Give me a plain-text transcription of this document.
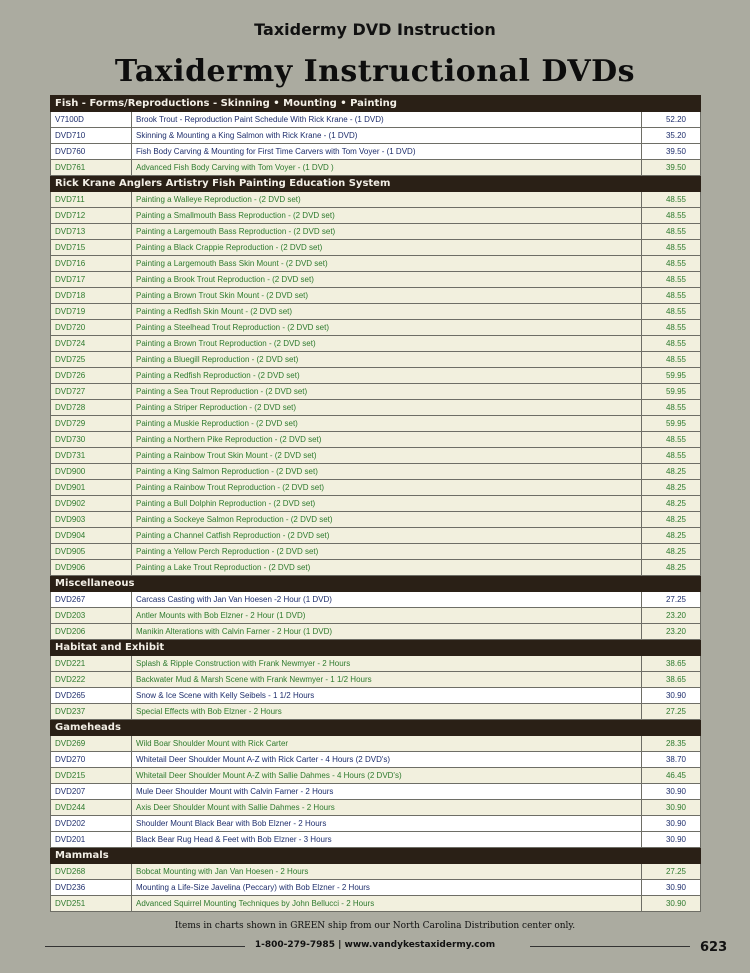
Taxidermy DVD Instruction
Taxidermy Instructional DVDs
Fish - Forms/Reproductions - Skinning • Mounting • Painting		
V7100D	Brook Trout - Reproduction Paint Schedule With Rick Krane - (1 DVD)	52.20
DVD710	Skinning & Mounting a King Salmon with Rick Krane - (1 DVD)	35.20
DVD760	Fish Body Carving & Mounting for First Time Carvers with Tom Voyer - (1 DVD)	39.50
DVD761	Advanced Fish Body Carving with Tom Voyer - (1 DVD )	39.50
Rick Krane Anglers Artistry Fish Painting Education System		
DVD711	Painting a Walleye Reproduction - (2 DVD set)	48.55
DVD712	Painting a Smallmouth Bass Reproduction - (2 DVD set)	48.55
DVD713	Painting a Largemouth Bass Reproduction - (2 DVD set)	48.55
DVD715	Painting a Black Crappie Reproduction - (2 DVD set)	48.55
DVD716	Painting a Largemouth Bass Skin Mount - (2 DVD set)	48.55
DVD717	Painting a Brook Trout Reproduction - (2 DVD set)	48.55
DVD718	Painting a Brown Trout Skin Mount - (2 DVD set)	48.55
DVD719	Painting a Redfish Skin Mount - (2 DVD set)	48.55
DVD720	Painting a Steelhead Trout Reproduction - (2 DVD set)	48.55
DVD724	Painting a Brown Trout Reproduction - (2 DVD set)	48.55
DVD725	Painting a Bluegill Reproduction - (2 DVD set)	48.55
DVD726	Painting a Redfish Reproduction - (2 DVD set)	59.95
DVD727	Painting a Sea Trout Reproduction - (2 DVD set)	59.95
DVD728	Painting a Striper Reproduction - (2 DVD set)	48.55
DVD729	Painting a Muskie Reproduction - (2 DVD set)	59.95
DVD730	Painting a Northern Pike Reproduction - (2 DVD set)	48.55
DVD731	Painting a Rainbow Trout Skin Mount - (2 DVD set)	48.55
DVD900	Painting a King Salmon Reproduction - (2 DVD set)	48.25
DVD901	Painting a Rainbow Trout Reproduction - (2 DVD set)	48.25
DVD902	Painting a Bull Dolphin Reproduction - (2 DVD set)	48.25
DVD903	Painting a Sockeye Salmon Reproduction - (2 DVD set)	48.25
DVD904	Painting a Channel Catfish Reproduction - (2 DVD set)	48.25
DVD905	Painting a Yellow Perch Reproduction - (2 DVD set)	48.25
DVD906	Painting a Lake Trout Reproduction - (2 DVD set)	48.25
Miscellaneous		
DVD267	Carcass Casting with Jan Van Hoesen -2 Hour (1 DVD)	27.25
DVD203	Antler Mounts with Bob Elzner - 2 Hour (1 DVD)	23.20
DVD206	Manikin Alterations with Calvin Farner - 2 Hour (1 DVD)	23.20
Habitat and Exhibit		
DVD221	Splash & Ripple Construction with Frank Newmyer - 2 Hours	38.65
DVD222	Backwater Mud & Marsh Scene with Frank Newmyer - 1 1/2 Hours	38.65
DVD265	Snow & Ice Scene with Kelly Seibels - 1 1/2 Hours	30.90
DVD237	Special Effects with Bob Elzner - 2 Hours	27.25
Gameheads		
DVD269	Wild Boar Shoulder Mount with Rick Carter	28.35
DVD270	Whitetail Deer Shoulder Mount A-Z with Rick Carter - 4 Hours (2 DVD's)	38.70
DVD215	Whitetail Deer Shoulder Mount A-Z with Sallie Dahmes - 4 Hours (2 DVD's)	46.45
DVD207	Mule Deer Shoulder Mount with Calvin Farner - 2 Hours	30.90
DVD244	Axis Deer Shoulder Mount with Sallie Dahmes - 2 Hours	30.90
DVD202	Shoulder Mount Black Bear with Bob Elzner - 2 Hours	30.90
DVD201	Black Bear Rug Head & Feet with Bob Elzner - 3 Hours	30.90
Mammals		
DVD268	Bobcat Mounting with Jan Van Hoesen - 2 Hours	27.25
DVD236	Mounting a Life-Size Javelina (Peccary) with Bob Elzner - 2 Hours	30.90
DVD251	Advanced Squirrel Mounting Techniques by John Bellucci - 2 Hours	30.90
Items in charts shown in GREEN ship from our North Carolina Distribution center only.
1-800-279-7985 | www.vandykestaxidermy.com	623
